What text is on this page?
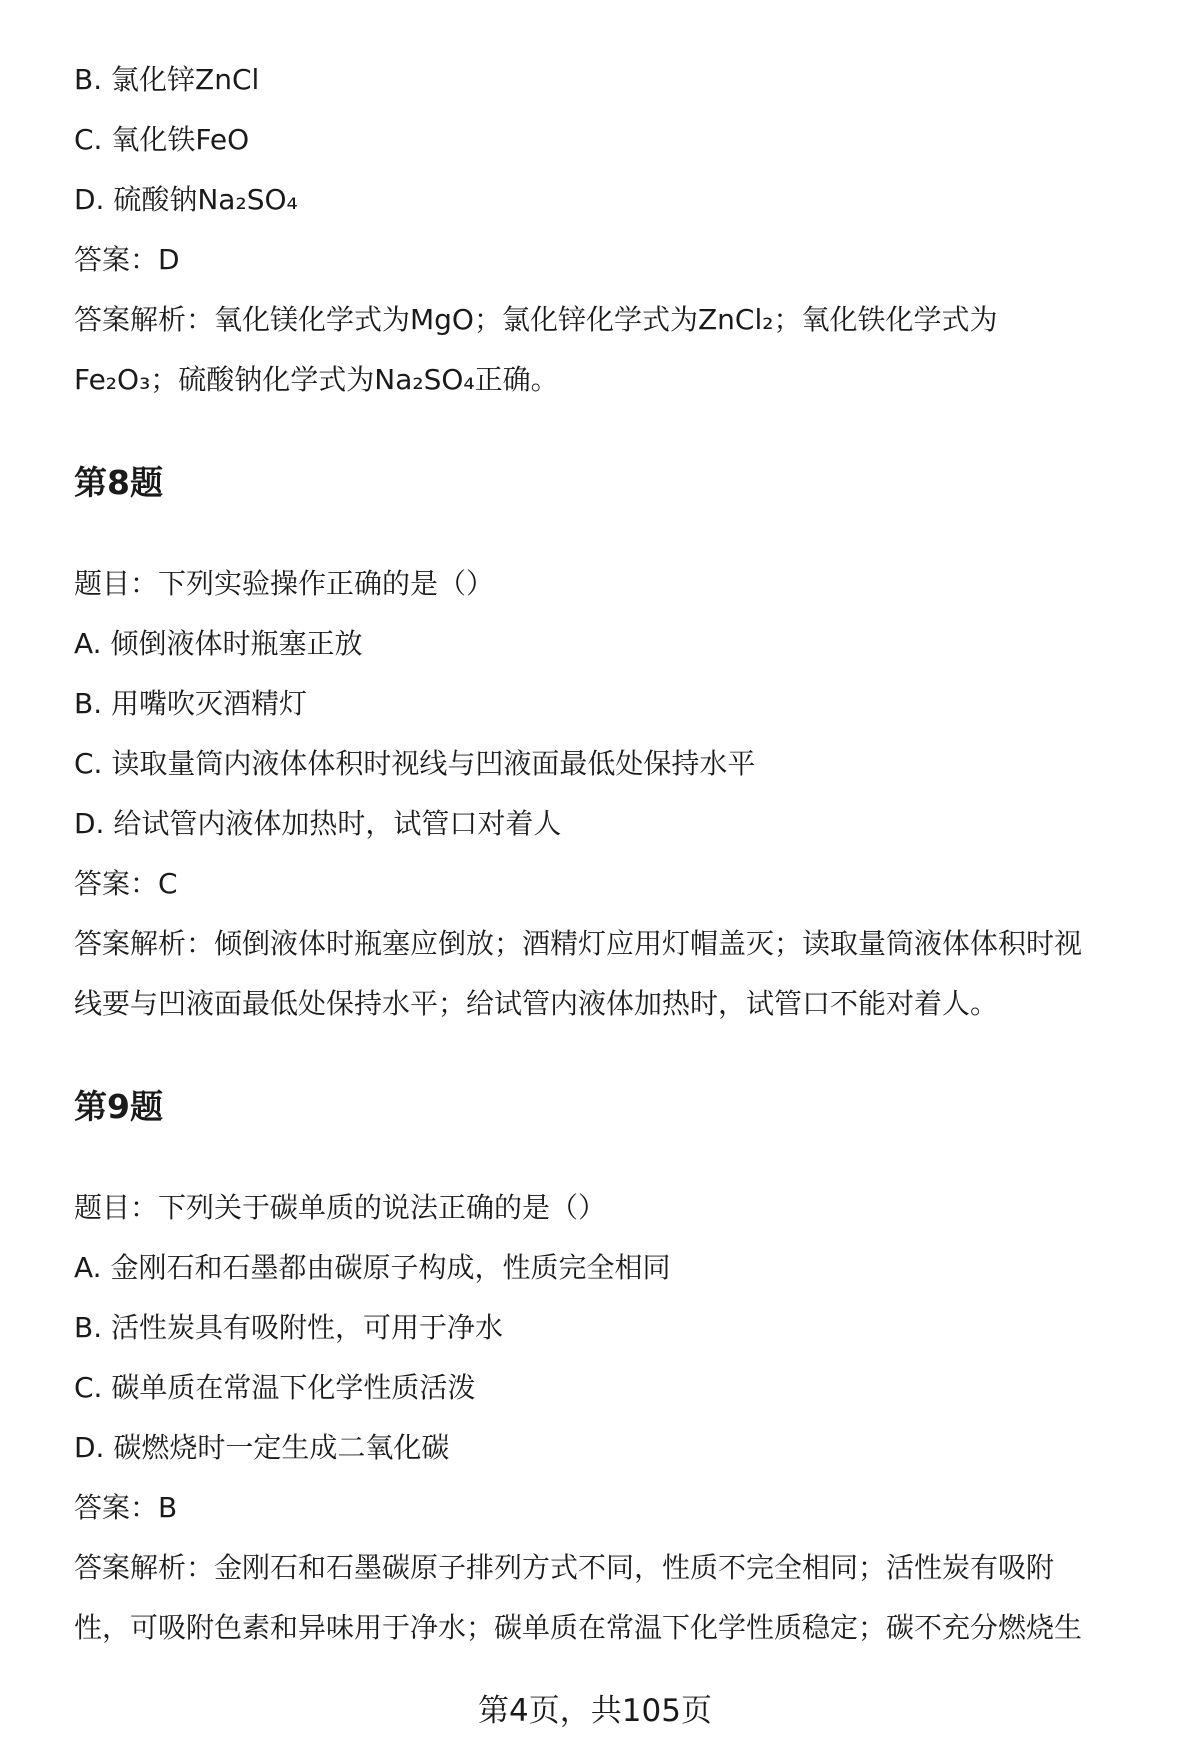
B. 氯化锌ZnCl

C. 氧化铁FeO

D. 硫酸钠Na₂SO₄

答案：D

答案解析：氧化镁化学式为MgO；氯化锌化学式为ZnCl₂；氧化铁化学式为

Fe₂O₃；硫酸钠化学式为Na₂SO₄正确。

第8题

题目：下列实验操作正确的是（）

A. 倾倒液体时瓶塞正放

B. 用嘴吹灭酒精灯

C. 读取量筒内液体体积时视线与凹液面最低处保持水平

D. 给试管内液体加热时，试管口对着人

答案：C

答案解析：倾倒液体时瓶塞应倒放；酒精灯应用灯帽盖灭；读取量筒液体体积时视

线要与凹液面最低处保持水平；给试管内液体加热时，试管口不能对着人。

第9题

题目：下列关于碳单质的说法正确的是（）

A. 金刚石和石墨都由碳原子构成，性质完全相同

B. 活性炭具有吸附性，可用于净水

C. 碳单质在常温下化学性质活泼

D. 碳燃烧时一定生成二氧化碳

答案：B

答案解析：金刚石和石墨碳原子排列方式不同，性质不完全相同；活性炭有吸附

性，可吸附色素和异味用于净水；碳单质在常温下化学性质稳定；碳不充分燃烧生

第4页，共105页
